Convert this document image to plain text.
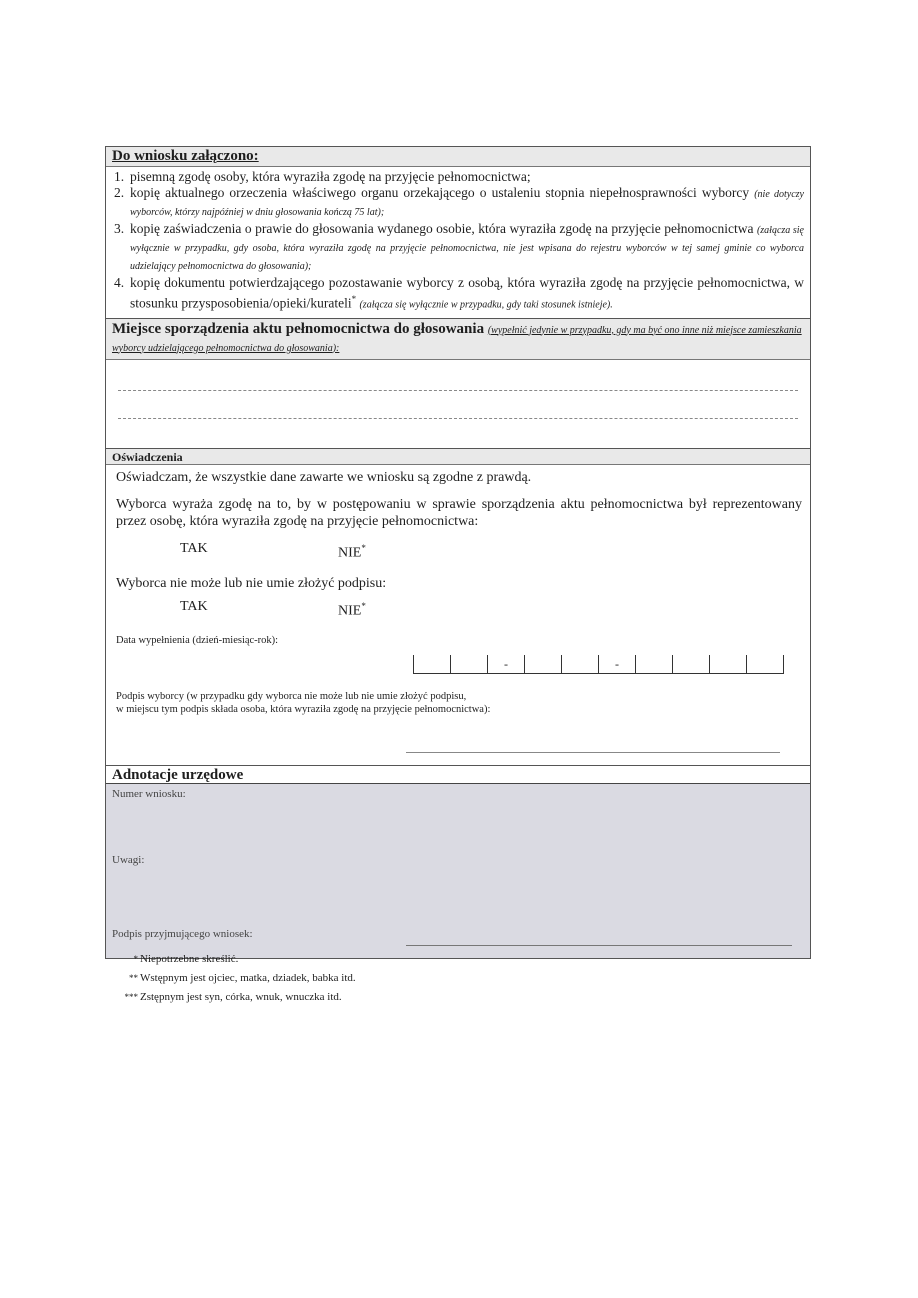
Do wniosku załączono:
1. pisemną zgodę osoby, która wyraziła zgodę na przyjęcie pełnomocnictwa;
2. kopię aktualnego orzeczenia właściwego organu orzekającego o ustaleniu stopnia niepełnosprawności wyborcy (nie dotyczy wyborców, którzy najpóźniej w dniu głosowania kończą 75 lat);
3. kopię zaświadczenia o prawie do głosowania wydanego osobie, która wyraziła zgodę na przyjęcie pełnomocnictwa (załącza się wyłącznie w przypadku, gdy osoba, która wyraziła zgodę na przyjęcie pełnomocnictwa, nie jest wpisana do rejestru wyborców w tej samej gminie co wyborca udzielający pełnomocnictwa do głosowania);
4. kopię dokumentu potwierdzającego pozostawanie wyborcy z osobą, która wyraziła zgodę na przyjęcie pełnomocnictwa, w stosunku przysposobienia/opieki/kurateli* (załącza się wyłącznie w przypadku, gdy taki stosunek istnieje).
Miejsce sporządzenia aktu pełnomocnictwa do głosowania (wypełnić jedynie w przypadku, gdy ma być ono inne niż miejsce zamieszkania wyborcy udzielającego pełnomocnictwa do głosowania):
Oświadczenia

Oświadczam, że wszystkie dane zawarte we wniosku są zgodne z prawdą.

Wyborca wyraża zgodę na to, by w postępowaniu w sprawie sporządzenia aktu pełnomocnictwa był reprezentowany przez osobę, która wyraziła zgodę na przyjęcie pełnomocnictwa:

TAK	NIE*

Wyborca nie może lub nie umie złożyć podpisu:

TAK	NIE*
Data wypełnienia (dzień-miesiąc-rok):
-	-
Podpis wyborcy (w przypadku gdy wyborca nie może lub nie umie złożyć podpisu,
w miejscu tym podpis składa osoba, która wyraziła zgodę na przyjęcie pełnomocnictwa):
Adnotacje urzędowe
Numer wniosku:
Uwagi:
Podpis przyjmującego wniosek:
* Niepotrzebne skreślić.
** Wstępnym jest ojciec, matka, dziadek, babka itd.
*** Zstępnym jest syn, córka, wnuk, wnuczka itd.
